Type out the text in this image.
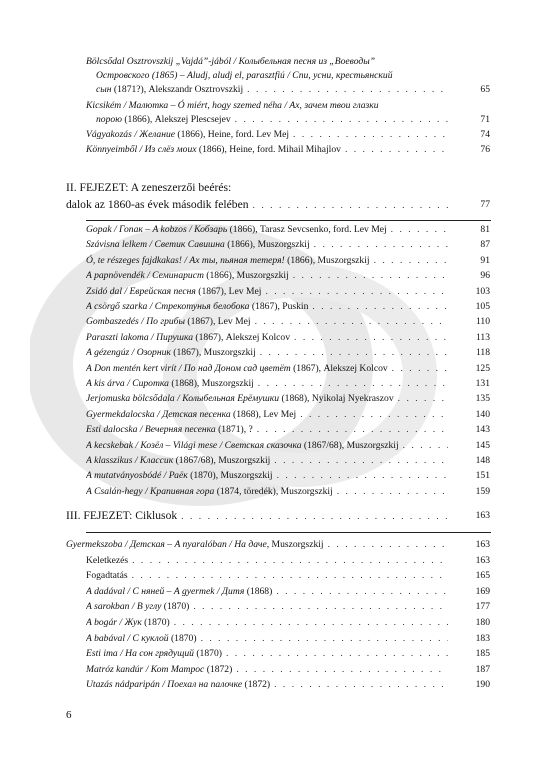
Bölcsődal Osztrovszkij „Vajdá”-jából / Колыбельная песня из „Воеводы”
Островского (1865) – Aludj, aludj el, parasztfiú / Спи, усни, крестьянский
сын (1871?), Alekszandr Osztrovszkij . . .	65
Kicsikém / Малютка – Ó miért, hogy szemed néha / Ах, зачем твои глазки
порою (1866), Alekszej Plescsejev . . .	71
Vágyakozás / Желание (1866), Heine, ford. Lev Mej . . .	74
Könnyeimből / Из слёз моих (1866), Heine, ford. Mihail Mihajlov . . .	76
II. FEJEZET: A zeneszerzői beérés:
dalok az 1860-as évek második felében . . .	77
Gopak / Гопак – A kobzos / Кобзарь (1866), Tarasz Sevcsenko, ford. Lev Mej . . .	81
Szávisna lelkem / Светик Савишна (1866), Muszorgszkij . . .	87
Ó, te részeges fajdkakas! / Ах ты, пьяная тетеря! (1866), Muszorgszkij . . .	91
A papnövendék / Семинарист (1866), Muszorgszkij . . .	96
Zsidó dal / Еврейская песня (1867), Lev Mej . . .	103
A csörgő szarka / Стрекотунья белобока (1867), Puskin . . .	105
Gombaszedés / По грибы (1867), Lev Mej . . .	110
Paraszti lakoma / Пирушка (1867), Alekszej Kolcov . . .	113
A gézengúz / Озорник (1867), Muszorgszkij . . .	118
A Don mentén kert virít / По над Доном сад цветёт (1867), Alekszej Kolcov . . .	125
A kis árva / Сиротка (1868), Muszorgszkij . . .	131
Jerjomuska bölcsődala / Колыбельная Ерёмушки (1868), Nyikolaj Nyekraszov . . .	135
Gyermekdalocska / Детская песенка (1868), Lev Mej . . .	140
Esti dalocska / Вечерняя песенка (1871), ? . . .	143
A kecskebak / Козёл – Világi mese / Светская сказочка (1867/68), Muszorgszkij . . .	145
A klasszikus / Классик (1867/68), Muszorgszkij . . .	148
A mutatványosbódé / Раёк (1870), Muszorgszkij . . .	151
A Csalán-hegy / Крапивная гора (1874, töredék), Muszorgszkij . . .	159
III. FEJEZET: Ciklusok . . .	163
Gyermekszoba / Детская – A nyaralóban / На даче, Muszorgszkij . . .	163
Keletkezés . . .	163
Fogadtatás . . .	165
A dadával / С няней – A gyermek / Дитя (1868) . . .	169
A sarokban / В углу (1870) . . .	177
A bogár / Жук (1870) . . .	180
A babával / С куклой (1870) . . .	183
Esti ima / На сон грядущий (1870) . . .	185
Matróz kandúr / Кот Матрос (1872) . . .	187
Utazás nádparipán / Поехал на палочке (1872) . . .	190
6
